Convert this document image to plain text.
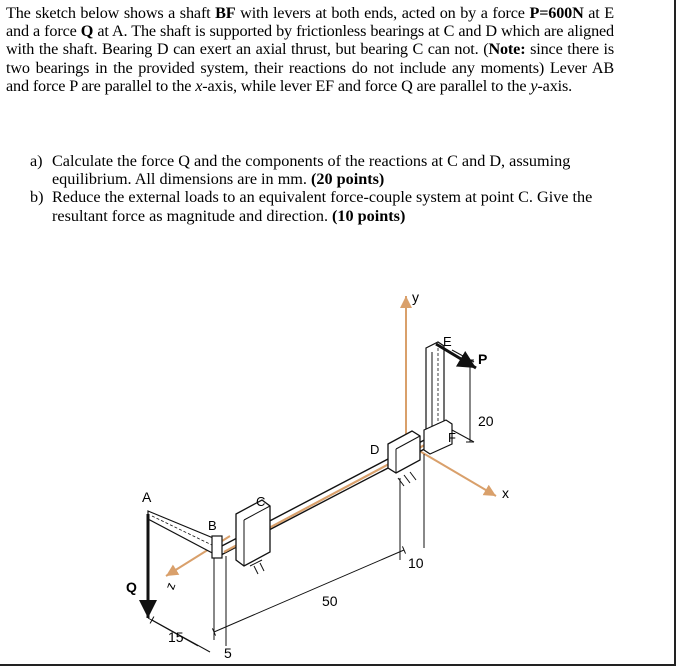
The sketch below shows a shaft BF with levers at both ends, acted on by a force P=600N at E and a force Q at A. The shaft is supported by frictionless bearings at C and D which are aligned with the shaft. Bearing D can exert an axial thrust, but bearing C can not. (Note: since there is two bearings in the provided system, their reactions do not include any moments) Lever AB and force P are parallel to the x-axis, while lever EF and force Q are parallel to the y-axis.
a) Calculate the force Q and the components of the reactions at C and D, assuming equilibrium. All dimensions are in mm. (20 points)
b) Reduce the external loads to an equivalent force-couple system at point C. Give the resultant force as magnitude and direction. (10 points)
y
x
z
A
B
C
D
E
F
P
Q
20
10
50
15
5
